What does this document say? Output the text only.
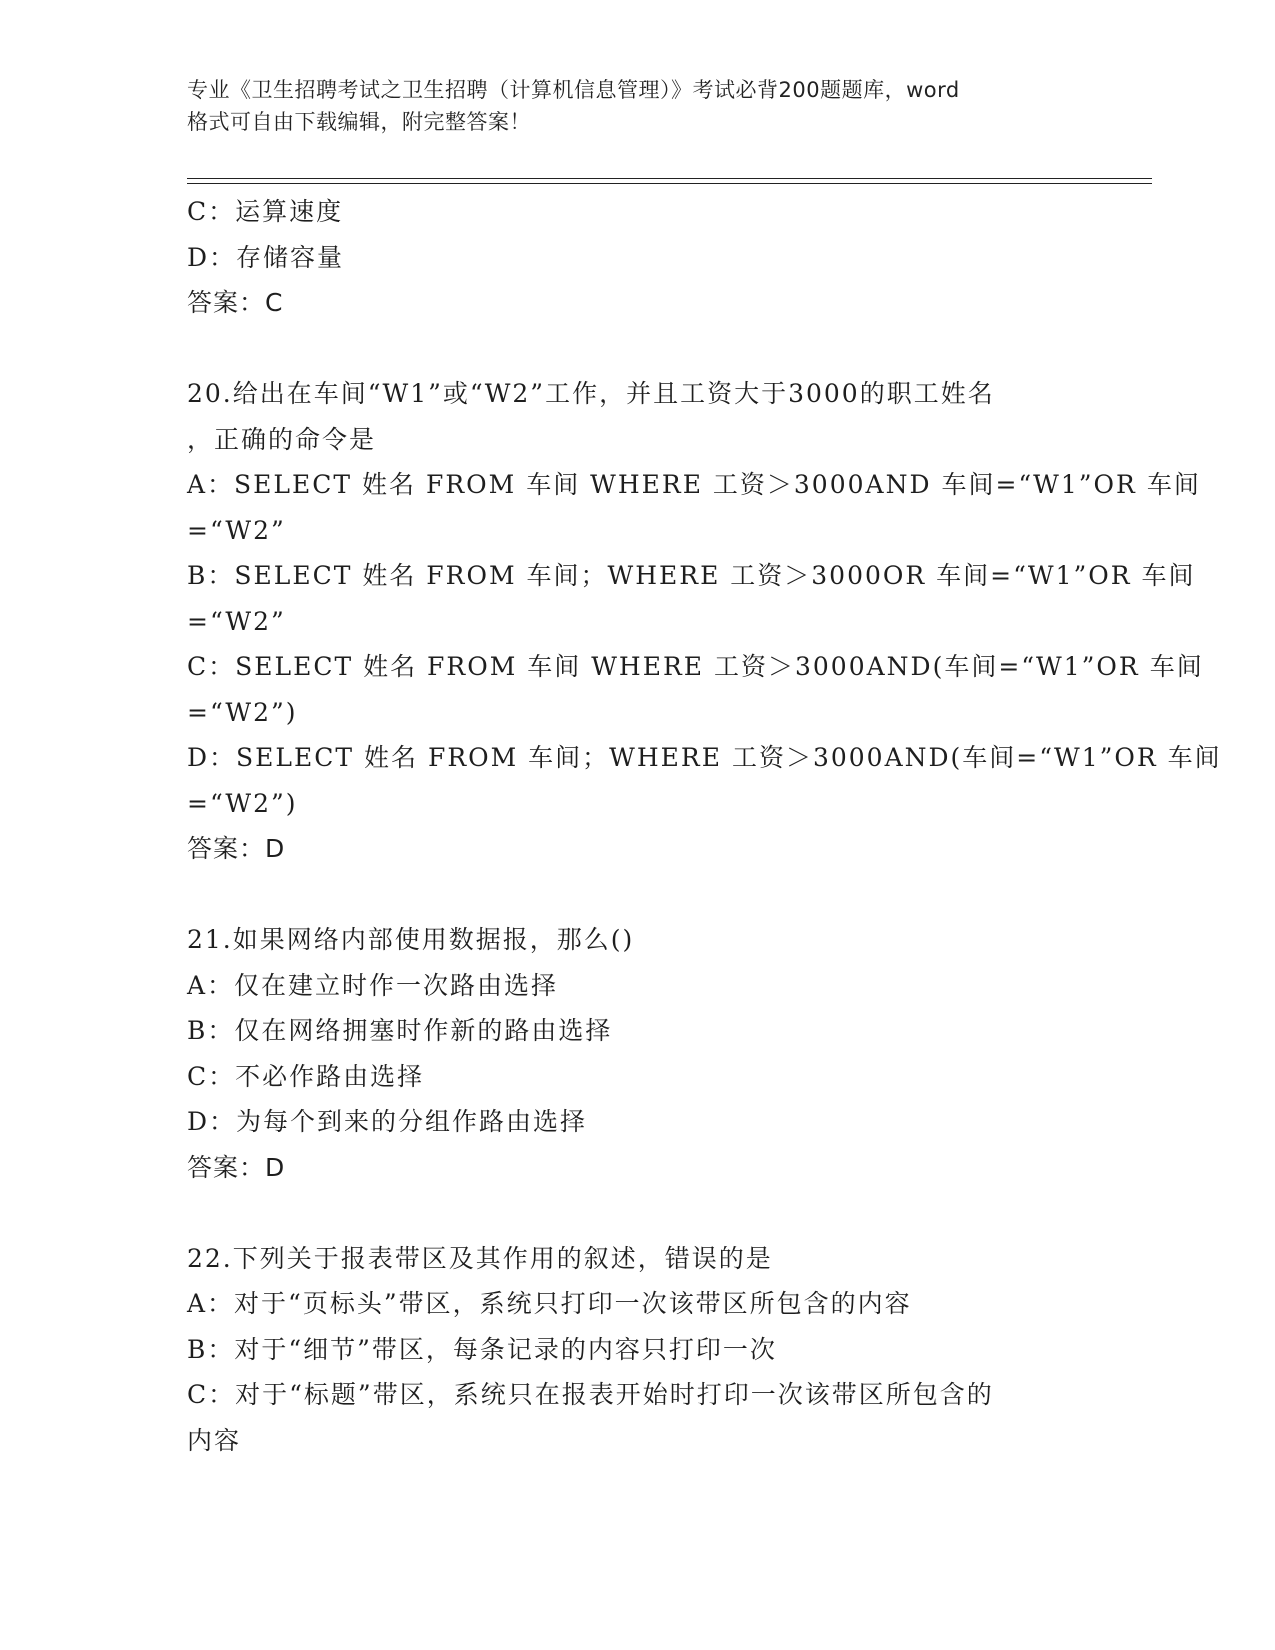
专业《卫生招聘考试之卫生招聘（计算机信息管理）》考试必背200题题库，word
格式可自由下载编辑，附完整答案！
C：运算速度
D：存储容量
答案：C
20.给出在车间“W1”或“W2”工作，并且工资大于3000的职工姓名
，正确的命令是
A：SELECT 姓名 FROM 车间 WHERE 工资＞3000AND 车间=“W1”OR 车间
=“W2”
B：SELECT 姓名 FROM 车间；WHERE 工资＞3000OR 车间=“W1”OR 车间
=“W2”
C：SELECT 姓名 FROM 车间 WHERE 工资＞3000AND(车间=“W1”OR 车间
=“W2”)
D：SELECT 姓名 FROM 车间；WHERE 工资＞3000AND(车间=“W1”OR 车间
=“W2”)
答案：D
21.如果网络内部使用数据报，那么()
A：仅在建立时作一次路由选择
B：仅在网络拥塞时作新的路由选择
C：不必作路由选择
D：为每个到来的分组作路由选择
答案：D
22.下列关于报表带区及其作用的叙述，错误的是
A：对于“页标头”带区，系统只打印一次该带区所包含的内容
B：对于“细节”带区，每条记录的内容只打印一次
C：对于“标题”带区，系统只在报表开始时打印一次该带区所包含的
内容
